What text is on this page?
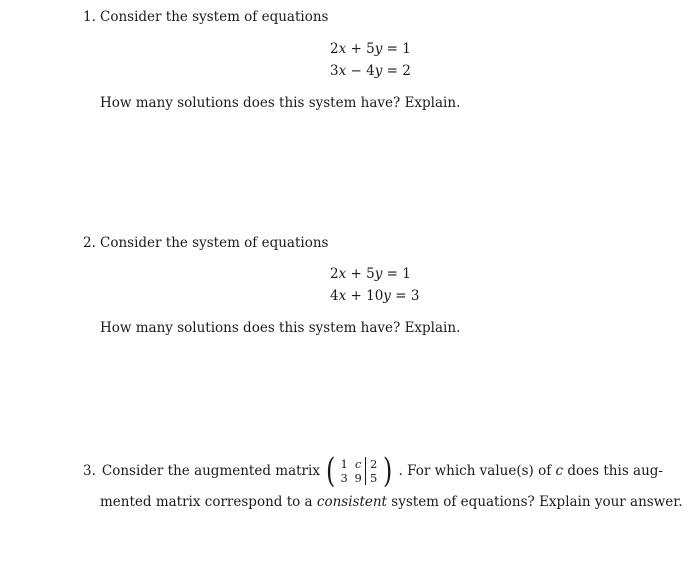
1. Consider the system of equations
2x + 5y = 1
3x − 4y = 2
How many solutions does this system have? Explain.
2. Consider the system of equations
2x + 5y = 1
4x + 10y = 3
How many solutions does this system have? Explain.
3. Consider the augmented matrix ( 1 c 2
3 9 5 ) . For which value(s) of
c
does this aug-
mented matrix correspond to a consistent system of equations? Explain your answer.
